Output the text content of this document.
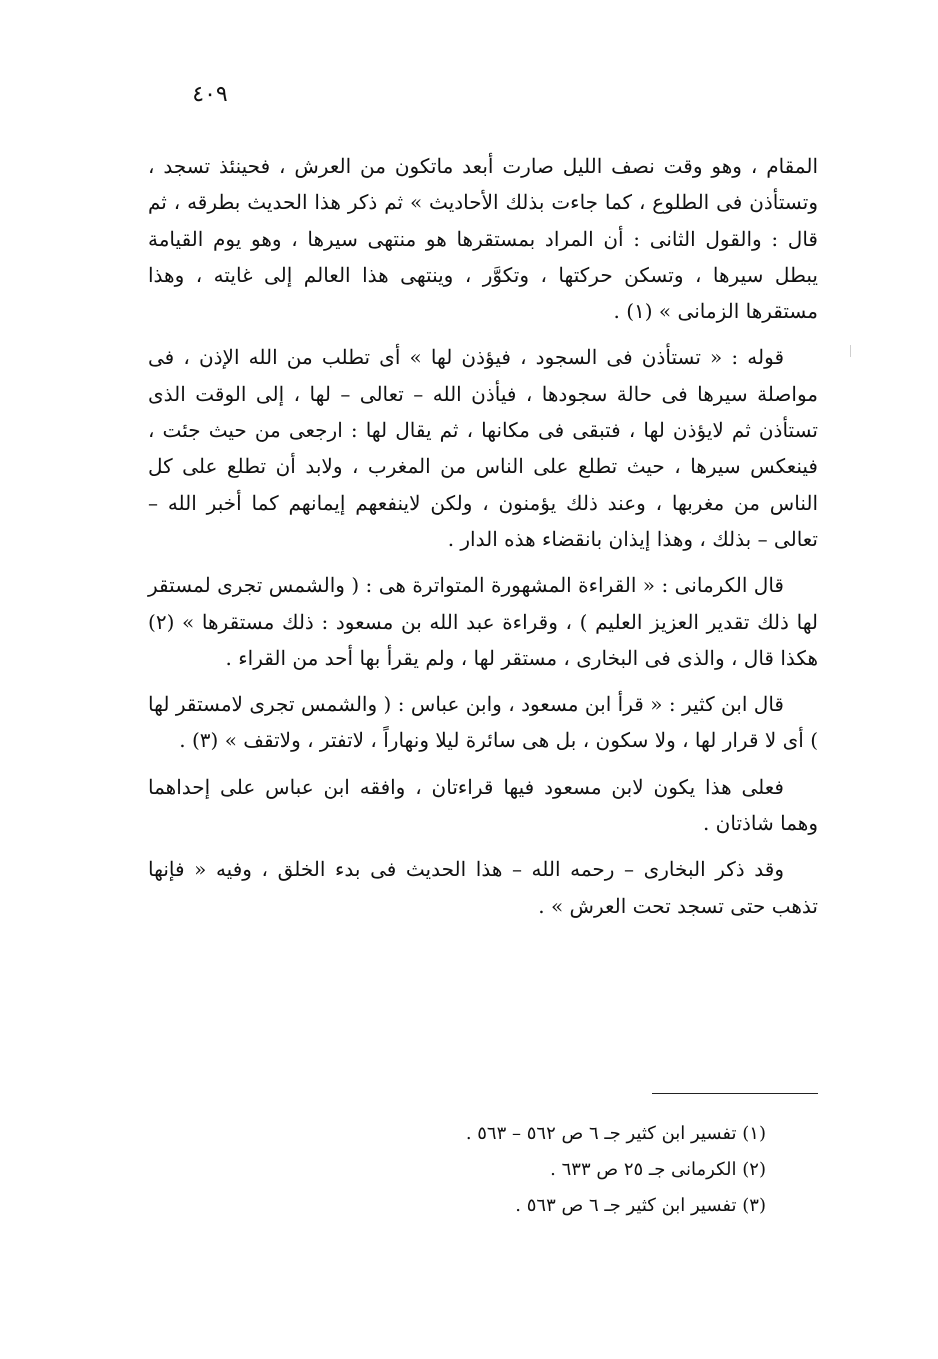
٤٠٩

المقام ، وهو وقت نصف الليل صارت أبعد ماتكون من العرش ، فحينئذ تسجد ، وتستأذن فى الطلوع ، كما جاءت بذلك الأحاديث » ثم ذكر هذا الحديث بطرقه ، ثم قال : والقول الثانى : أن المراد بمستقرها هو منتهى سيرها ، وهو يوم القيامة يبطل سيرها ، وتسكن حركتها ، وتكوَّر ، وينتهى هذا العالم إلى غايته ، وهذا مستقرها الزمانى » (١) .

قوله : « تستأذن فى السجود ، فيؤذن لها » أى تطلب من الله الإذن ، فى مواصلة سيرها فى حالة سجودها ، فيأذن الله – تعالى – لها ، إلى الوقت الذى تستأذن ثم لايؤذن لها ، فتبقى فى مكانها ، ثم يقال لها : ارجعى من حيث جئت ، فينعكس سيرها ، حيث تطلع على الناس من المغرب ، ولابد أن تطلع على كل الناس من مغربها ، وعند ذلك يؤمنون ، ولكن لاينفعهم إيمانهم كما أخبر الله – تعالى – بذلك ، وهذا إيذان بانقضاء هذه الدار .

قال الكرمانى : « القراءة المشهورة المتواترة هى : ( والشمس تجرى لمستقر لها ذلك تقدير العزيز العليم ) ، وقراءة عبد الله بن مسعود : ذلك مستقرها » (٢) هكذا قال ، والذى فى البخارى ، مستقر لها ، ولم يقرأ بها أحد من القراء .

قال ابن كثير : « قرأ ابن مسعود ، وابن عباس : ( والشمس تجرى لامستقر لها ) أى لا قرار لها ، ولا سكون ، بل هى سائرة ليلا ونهاراً ، لاتفتر ، ولاتقف » (٣) .

فعلى هذا يكون لابن مسعود فيها قراءتان ، وافقه ابن عباس على إحداهما وهما شاذتان .

وقد ذكر البخارى – رحمه الله – هذا الحديث فى بدء الخلق ، وفيه « فإنها تذهب حتى تسجد تحت العرش » .

(١) تفسير ابن كثير جـ ٦ ص ٥٦٢ – ٥٦٣ .
(٢) الكرمانى جـ ٢٥ ص ٦٣٣ .
(٣) تفسير ابن كثير جـ ٦ ص ٥٦٣ .
